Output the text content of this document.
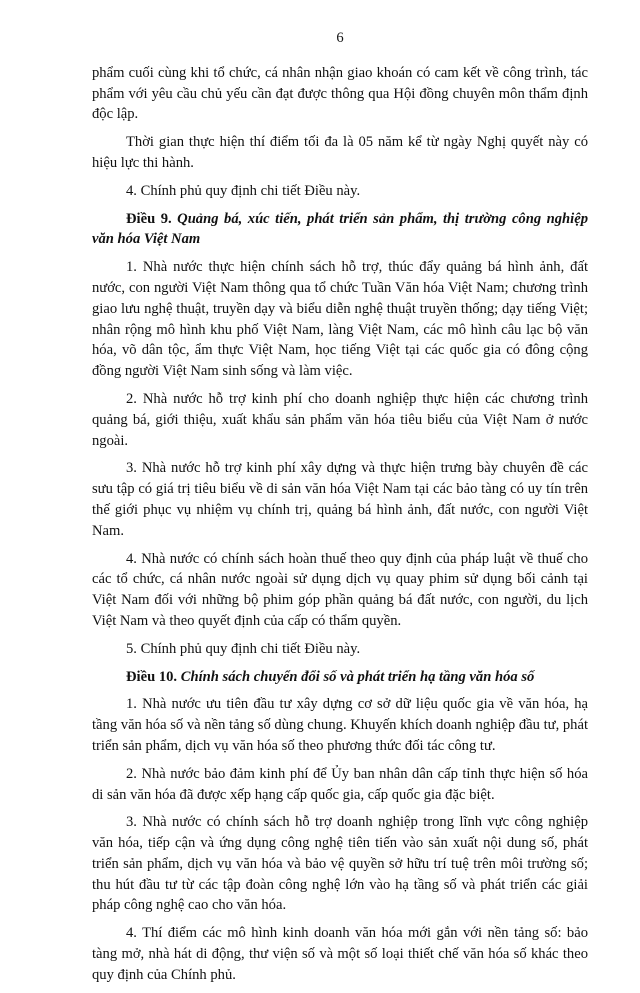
6

phẩm cuối cùng khi tổ chức, cá nhân nhận giao khoán có cam kết về công trình, tác phẩm với yêu cầu chủ yếu cần đạt được thông qua Hội đồng chuyên môn thẩm định độc lập.

Thời gian thực hiện thí điểm tối đa là 05 năm kể từ ngày Nghị quyết này có hiệu lực thi hành.

4. Chính phủ quy định chi tiết Điều này.

Điều 9. Quảng bá, xúc tiến, phát triển sản phẩm, thị trường công nghiệp văn hóa Việt Nam

1. Nhà nước thực hiện chính sách hỗ trợ, thúc đẩy quảng bá hình ảnh, đất nước, con người Việt Nam thông qua tổ chức Tuần Văn hóa Việt Nam; chương trình giao lưu nghệ thuật, truyền dạy và biểu diễn nghệ thuật truyền thống; dạy tiếng Việt; nhân rộng mô hình khu phố Việt Nam, làng Việt Nam, các mô hình câu lạc bộ văn hóa, võ dân tộc, ẩm thực Việt Nam, học tiếng Việt tại các quốc gia có đông cộng đồng người Việt Nam sinh sống và làm việc.

2. Nhà nước hỗ trợ kinh phí cho doanh nghiệp thực hiện các chương trình quảng bá, giới thiệu, xuất khẩu sản phẩm văn hóa tiêu biểu của Việt Nam ở nước ngoài.

3. Nhà nước hỗ trợ kinh phí xây dựng và thực hiện trưng bày chuyên đề các sưu tập có giá trị tiêu biểu về di sản văn hóa Việt Nam tại các bảo tàng có uy tín trên thế giới phục vụ nhiệm vụ chính trị, quảng bá hình ảnh, đất nước, con người Việt Nam.

4. Nhà nước có chính sách hoàn thuế theo quy định của pháp luật về thuế cho các tổ chức, cá nhân nước ngoài sử dụng dịch vụ quay phim sử dụng bối cảnh tại Việt Nam đối với những bộ phim góp phần quảng bá đất nước, con người, du lịch Việt Nam và theo quyết định của cấp có thẩm quyền.

5. Chính phủ quy định chi tiết Điều này.

Điều 10. Chính sách chuyển đổi số và phát triển hạ tầng văn hóa số

1. Nhà nước ưu tiên đầu tư xây dựng cơ sở dữ liệu quốc gia về văn hóa, hạ tầng văn hóa số và nền tảng số dùng chung. Khuyến khích doanh nghiệp đầu tư, phát triển sản phẩm, dịch vụ văn hóa số theo phương thức đối tác công tư.

2. Nhà nước bảo đảm kinh phí để Ủy ban nhân dân cấp tỉnh thực hiện số hóa di sản văn hóa đã được xếp hạng cấp quốc gia, cấp quốc gia đặc biệt.

3. Nhà nước có chính sách hỗ trợ doanh nghiệp trong lĩnh vực công nghiệp văn hóa, tiếp cận và ứng dụng công nghệ tiên tiến vào sản xuất nội dung số, phát triển sản phẩm, dịch vụ văn hóa và bảo vệ quyền sở hữu trí tuệ trên môi trường số; thu hút đầu tư từ các tập đoàn công nghệ lớn vào hạ tầng số và phát triển các giải pháp công nghệ cao cho văn hóa.

4. Thí điểm các mô hình kinh doanh văn hóa mới gắn với nền tảng số: bảo tàng mở, nhà hát di động, thư viện số và một số loại thiết chế văn hóa số khác theo quy định của Chính phủ.
